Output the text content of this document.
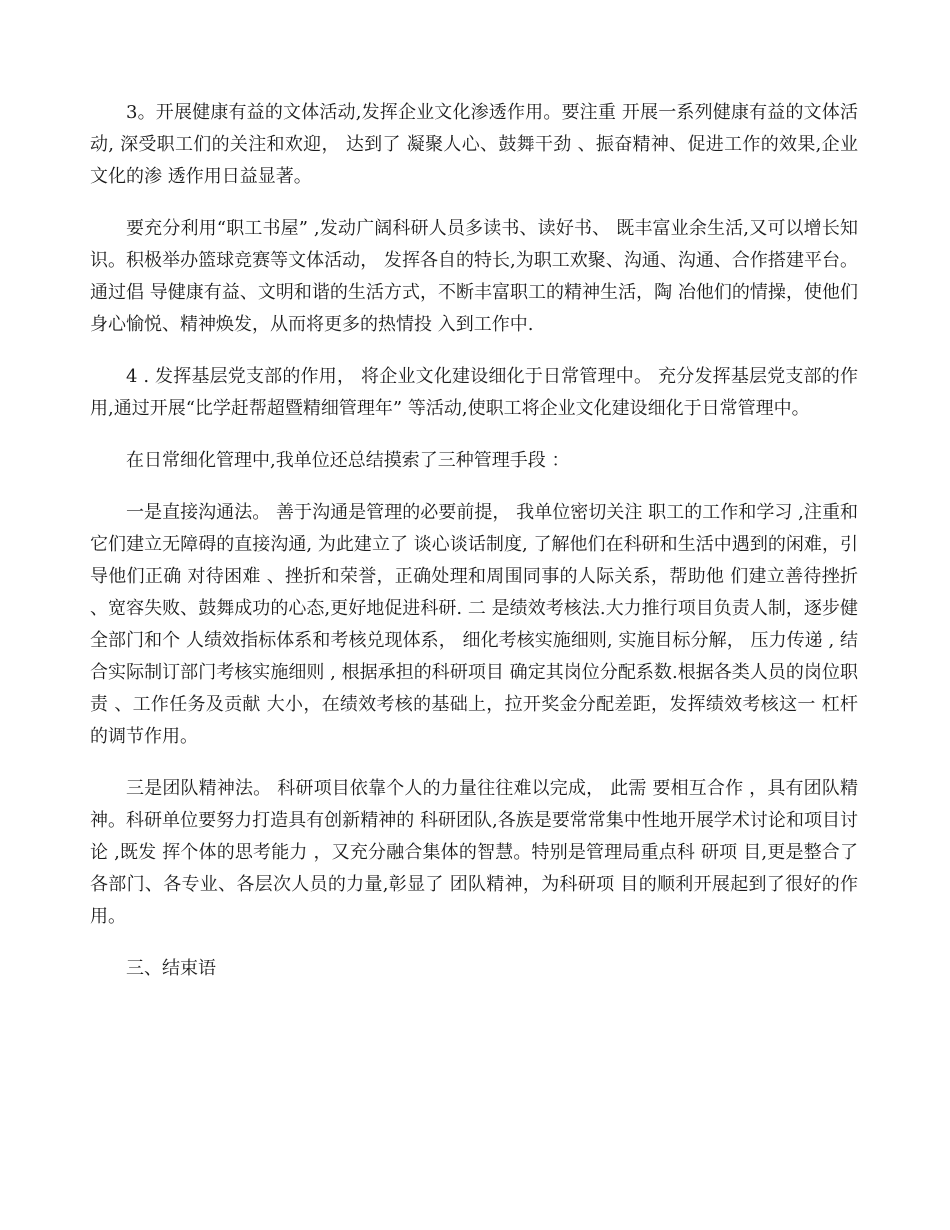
3。开展健康有益的文体活动,发挥企业文化渗透作用。要注重 开展一系列健康有益的文体活动, 深受职工们的关注和欢迎， 达到了 凝聚人心、鼓舞干劲 、振奋精神、促进工作的效果,企业文化的渗 透作用日益显著。

要充分利用“职工书屋” ,发动广阔科研人员多读书、读好书、 既丰富业余生活,又可以增长知识。积极举办篮球竞赛等文体活动， 发挥各自的特长,为职工欢聚、沟通、沟通、合作搭建平台。通过倡 导健康有益、文明和谐的生活方式，不断丰富职工的精神生活，陶 冶他们的情操，使他们身心愉悦、精神焕发，从而将更多的热情投 入到工作中.

4 . 发挥基层党支部的作用， 将企业文化建设细化于日常管理中。 充分发挥基层党支部的作用,通过开展“比学赶帮超暨精细管理年” 等活动,使职工将企业文化建设细化于日常管理中。

在日常细化管理中,我单位还总结摸索了三种管理手段 ：

一是直接沟通法。 善于沟通是管理的必要前提， 我单位密切关注 职工的工作和学习 ,注重和它们建立无障碍的直接沟通, 为此建立了 谈心谈话制度, 了解他们在科研和生活中遇到的闲难，引导他们正确 对待困难 、挫折和荣誉，正确处理和周围同事的人际关系，帮助他 们建立善待挫折 、宽容失败、鼓舞成功的心态,更好地促进科研. 二 是绩效考核法.大力推行项目负责人制，逐步健全部门和个 人绩效指标体系和考核兑现体系， 细化考核实施细则, 实施目标分解， 压力传递 , 结合实际制订部门考核实施细则 , 根据承担的科研项目 确定其岗位分配系数.根据各类人员的岗位职责 、工作任务及贡献 大小，在绩效考核的基础上，拉开奖金分配差距，发挥绩效考核这一 杠杆的调节作用。

三是团队精神法。 科研项目依靠个人的力量往往难以完成， 此需 要相互合作 ，具有团队精神。科研单位要努力打造具有创新精神的 科研团队,各族是要常常集中性地开展学术讨论和项目讨论 ,既发 挥个体的思考能力 ，又充分融合集体的智慧。特别是管理局重点科 研项 目,更是整合了各部门、各专业、各层次人员的力量,彰显了 团队精神，为科研项 目的顺利开展起到了很好的作用。

三、结束语
